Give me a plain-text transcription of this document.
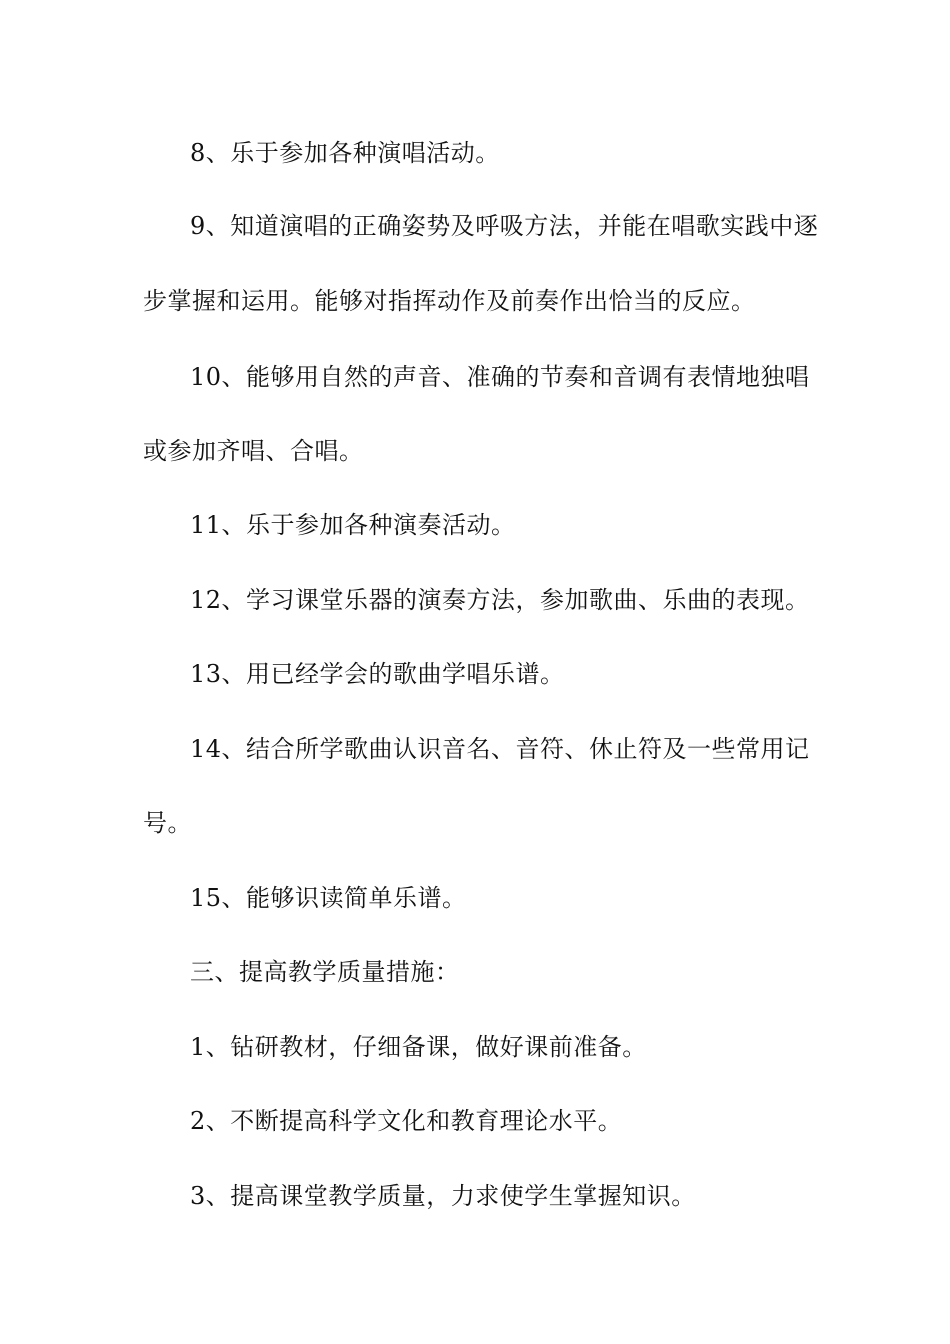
8、乐于参加各种演唱活动。
9、知道演唱的正确姿势及呼吸方法，并能在唱歌实践中逐
步掌握和运用。能够对指挥动作及前奏作出恰当的反应。
10、能够用自然的声音、准确的节奏和音调有表情地独唱
或参加齐唱、合唱。
11、乐于参加各种演奏活动。
12、学习课堂乐器的演奏方法，参加歌曲、乐曲的表现。
13、用已经学会的歌曲学唱乐谱。
14、结合所学歌曲认识音名、音符、休止符及一些常用记
号。
15、能够识读简单乐谱。
三、提高教学质量措施：
1、钻研教材，仔细备课，做好课前准备。
2、不断提高科学文化和教育理论水平。
3、提高课堂教学质量，力求使学生掌握知识。
